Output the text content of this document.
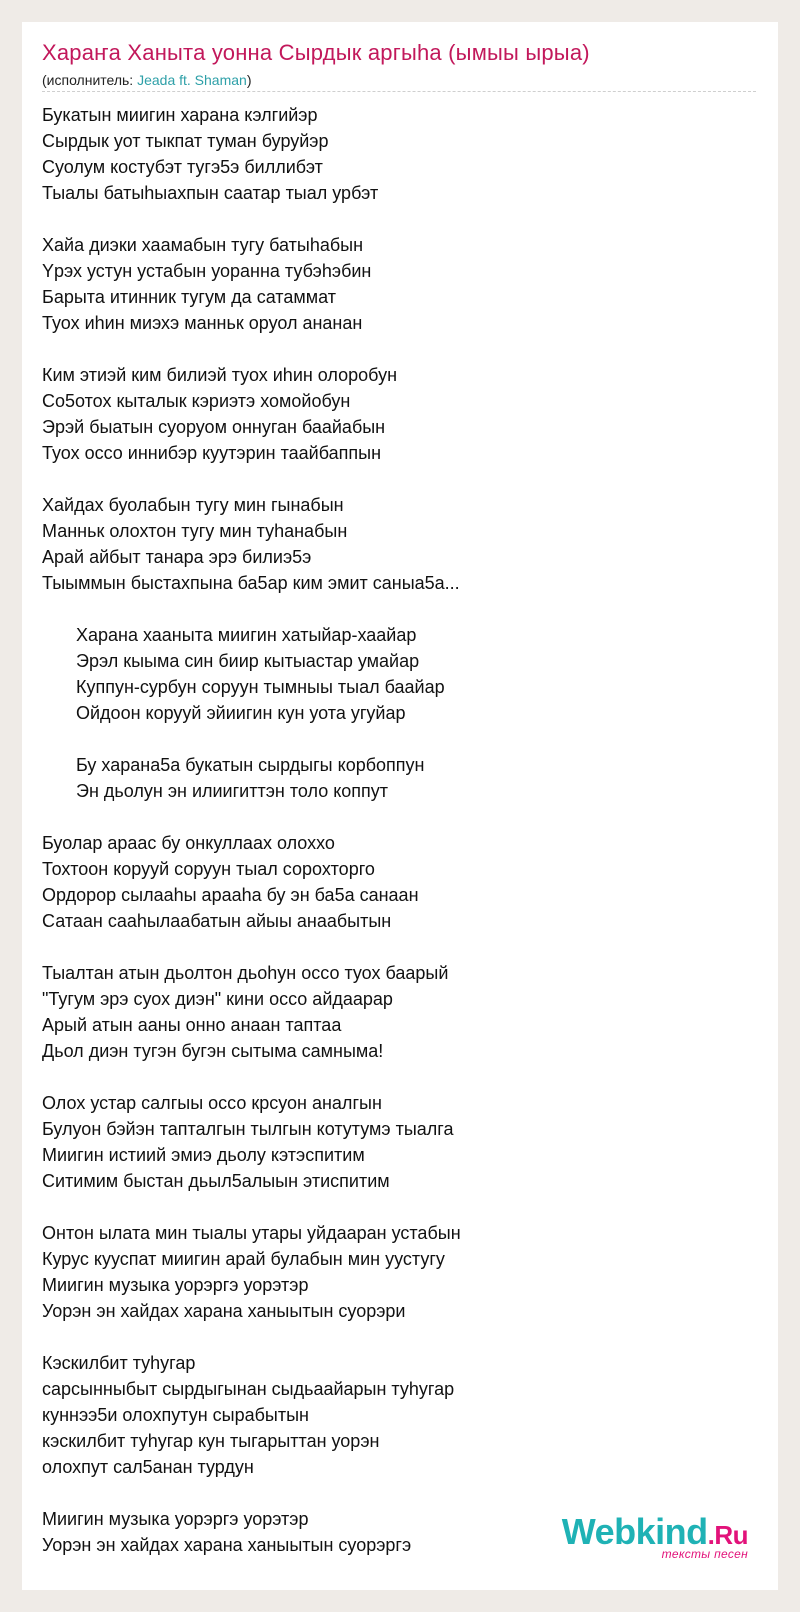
Хараҥа Ханыта уонна Сырдык аргыhа (ымыы ырыа)
(исполнитель: Jeada ft. Shaman)
Букатын миигин харана кэлгийэр
Сырдык уот тыкпат туман буруйэр
Суолум костубэт тугэ5э биллибэт
Тыалы батыhыахпын саатар тыал урбэт
Хайа диэки хаамабын тугу батыhабын
Yрэх устун устабын уоранна тубэhэбин
Барыта итинник тугум да сатаммат
Туох иhин миэхэ манньк оруол ананан
Ким этиэй ким билиэй туох иhин олоробун
Со5отох кыталык кэриэтэ хомойобун
Эрэй быатын суоруом оннуган баайабын
Туох оссо иннибэр куутэрин таайбаппын
Хайдах буолабын тугу мин гынабын
Манньк олохтон тугу мин туhанабын
Арай айбыт танара эрэ билиэ5э
Тыыммын быстахпына ба5ар ким эмит саныа5а...
Харана хааныта миигин хатыйар-хаайар
Эрэл кыыма син биир кытыастар умайар
Куппун-сурбун соруун тымныы тыал баайар
Ойдоон корууй эйиигин кун уота угуйар
Бу харана5а букатын сырдыгы корбоппун
Эн дьолун эн илиигиттэн толо коппут
Буолар араас бу онкуллаах олоххо
Тохтоон корууй соруун тыал сорохторго
Ордорор сылааhы арааhа бу эн ба5а санаан
Сатаан сааhылаабатын айыы анаабытын
Тыалтан атын дьолтон дьоhун оссо туох баарый
"Тугум эрэ суох диэн" кини оссо айдаарар
Арый атын ааны онно анаан таптаа
Дьол диэн тугэн бугэн сытыма самныма!
Олох устар салгыы оссо крсуон аналгын
Булуон бэйэн тапталгын тылгын котутумэ тыалга
Миигин истиий эмиэ дьолу кэтэспитим
Ситимим быстан дьыл5алыын этиспитим
Онтон ылата мин тыалы утары уйдааран устабын
Курус кууспат миигин арай булабын мин уустугу
Миигин музыка уорэргэ уорэтэр
Уорэн эн хайдах харана ханыытын суорэри
Кэскилбит туhугар
сарсынныбыт сырдыгынан сыдьаайарын туhугар
куннээ5и олохпутун сырабытын
кэскилбит туhугар кун тыгарыттан уорэн
олохпут сал5анан турдун
Миигин музыка уорэргэ уорэтэр
Уорэн эн хайдах харана ханыытын суорэргэ	Webkind.Ru
тексты песен
